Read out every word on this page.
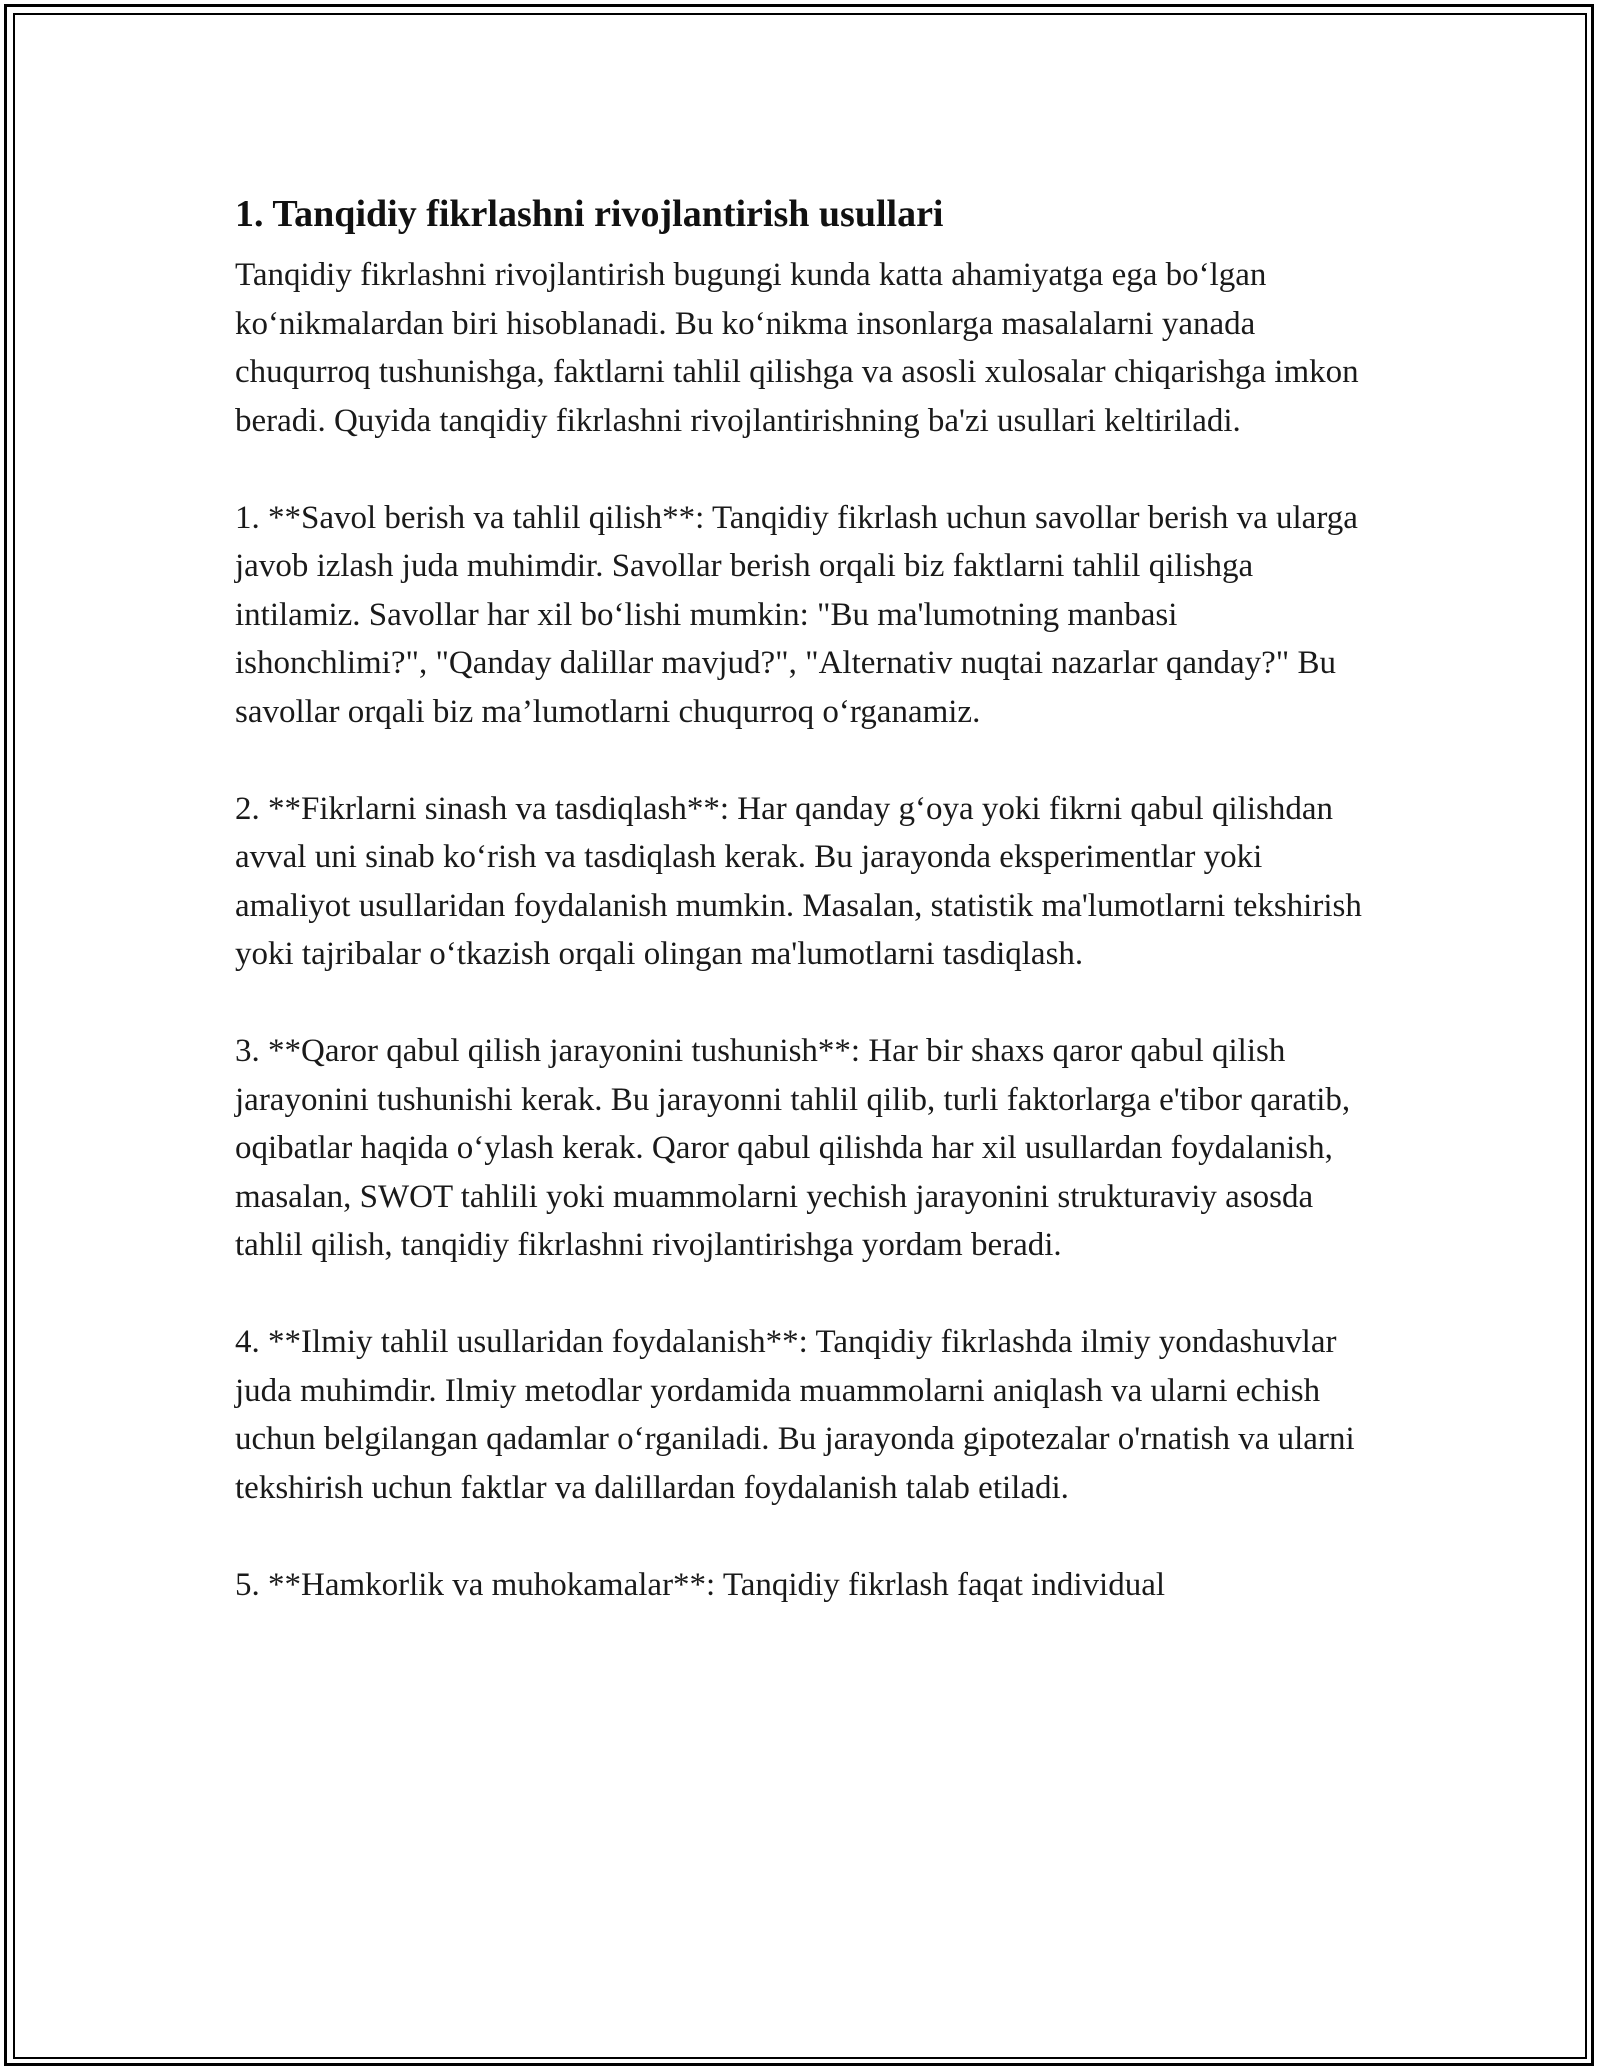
1. Tanqidiy fikrlashni rivojlantirish usullari

Tanqidiy fikrlashni rivojlantirish bugungi kunda katta ahamiyatga ega bo‘lgan ko‘nikmalardan biri hisoblanadi. Bu ko‘nikma insonlarga masalalarni yanada chuqurroq tushunishga, faktlarni tahlil qilishga va asosli xulosalar chiqarishga imkon beradi. Quyida tanqidiy fikrlashni rivojlantirishning ba'zi usullari keltiriladi.

1. **Savol berish va tahlil qilish**: Tanqidiy fikrlash uchun savollar berish va ularga javob izlash juda muhimdir. Savollar berish orqali biz faktlarni tahlil qilishga intilamiz. Savollar har xil bo‘lishi mumkin: "Bu ma'lumotning manbasi ishonchlimi?", "Qanday dalillar mavjud?", "Alternativ nuqtai nazarlar qanday?" Bu savollar orqali biz ma’lumotlarni chuqurroq o‘rganamiz.

2. **Fikrlarni sinash va tasdiqlash**: Har qanday g‘oya yoki fikrni qabul qilishdan avval uni sinab ko‘rish va tasdiqlash kerak. Bu jarayonda eksperimentlar yoki amaliyot usullaridan foydalanish mumkin. Masalan, statistik ma'lumotlarni tekshirish yoki tajribalar o‘tkazish orqali olingan ma'lumotlarni tasdiqlash.

3. **Qaror qabul qilish jarayonini tushunish**: Har bir shaxs qaror qabul qilish jarayonini tushunishi kerak. Bu jarayonni tahlil qilib, turli faktorlarga e'tibor qaratib, oqibatlar haqida o‘ylash kerak. Qaror qabul qilishda har xil usullardan foydalanish, masalan, SWOT tahlili yoki muammolarni yechish jarayonini strukturaviy asosda tahlil qilish, tanqidiy fikrlashni rivojlantirishga yordam beradi.

4. **Ilmiy tahlil usullaridan foydalanish**: Tanqidiy fikrlashda ilmiy yondashuvlar juda muhimdir. Ilmiy metodlar yordamida muammolarni aniqlash va ularni echish uchun belgilangan qadamlar o‘rganiladi. Bu jarayonda gipotezalar o'rnatish va ularni tekshirish uchun faktlar va dalillardan foydalanish talab etiladi.

5. **Hamkorlik va muhokamalar**: Tanqidiy fikrlash faqat individual
